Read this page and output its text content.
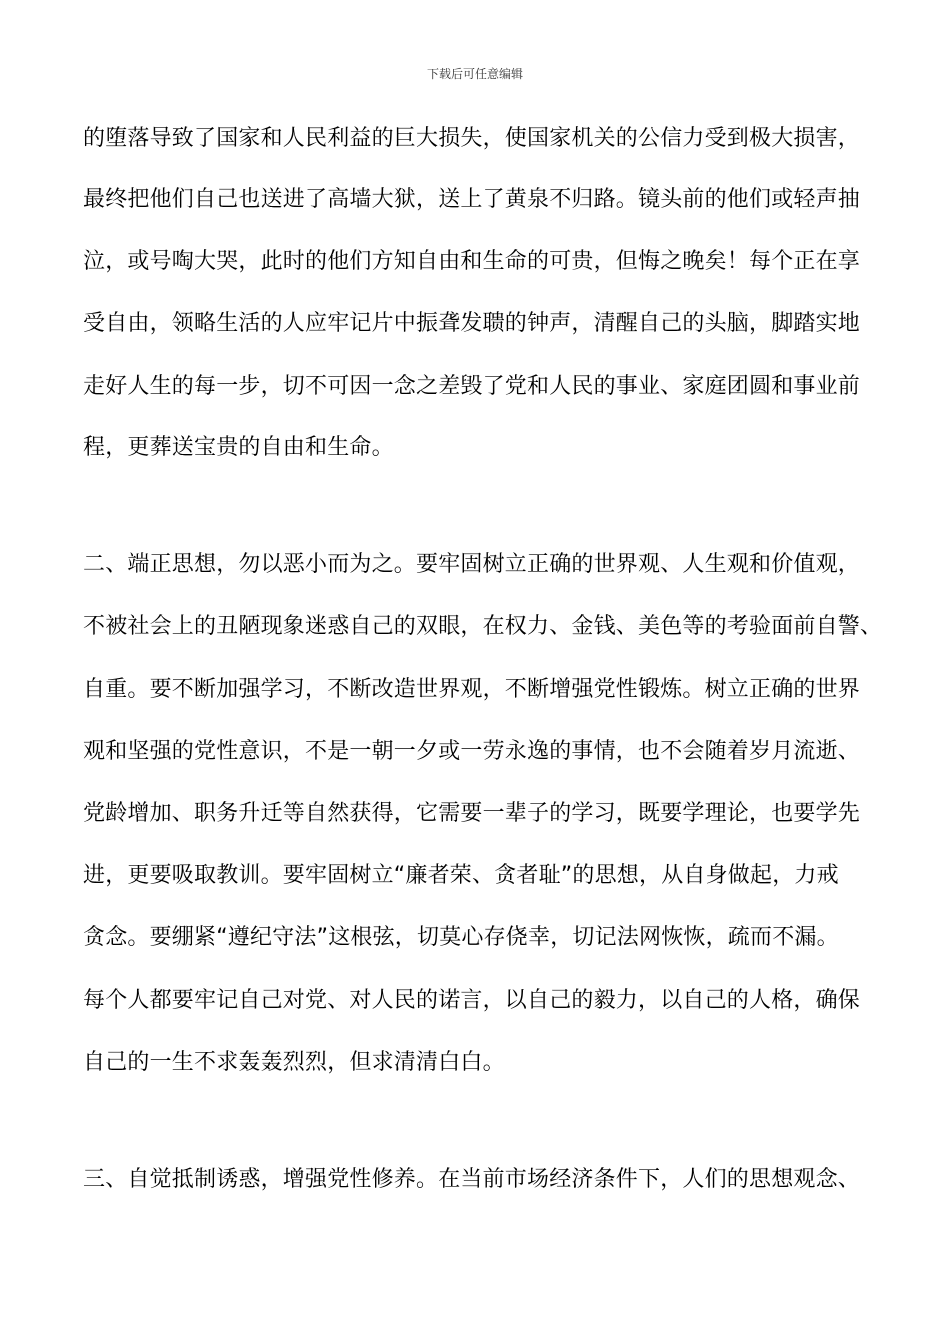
下载后可任意编辑
的堕落导致了国家和人民利益的巨大损失，使国家机关的公信力受到极大损害，
最终把他们自己也送进了高墙大狱，送上了黄泉不归路。镜头前的他们或轻声抽
泣，或号啕大哭，此时的他们方知自由和生命的可贵，但悔之晚矣！每个正在享
受自由，领略生活的人应牢记片中振聋发聩的钟声，清醒自己的头脑，脚踏实地
走好人生的每一步，切不可因一念之差毁了党和人民的事业、家庭团圆和事业前
程，更葬送宝贵的自由和生命。
二、端正思想，勿以恶小而为之。要牢固树立正确的世界观、人生观和价值观，
不被社会上的丑陋现象迷惑自己的双眼，在权力、金钱、美色等的考验面前自警、
自重。要不断加强学习，不断改造世界观，不断增强党性锻炼。树立正确的世界
观和坚强的党性意识，不是一朝一夕或一劳永逸的事情，也不会随着岁月流逝、
党龄增加、职务升迁等自然获得，它需要一辈子的学习，既要学理论，也要学先
进，更要吸取教训。要牢固树立“廉者荣、贪者耻”的思想，从自身做起，力戒
贪念。要绷紧“遵纪守法”这根弦，切莫心存侥幸，切记法网恢恢，疏而不漏。
每个人都要牢记自己对党、对人民的诺言，以自己的毅力，以自己的人格，确保
自己的一生不求轰轰烈烈，但求清清白白。
三、自觉抵制诱惑，增强党性修养。在当前市场经济条件下，人们的思想观念、
